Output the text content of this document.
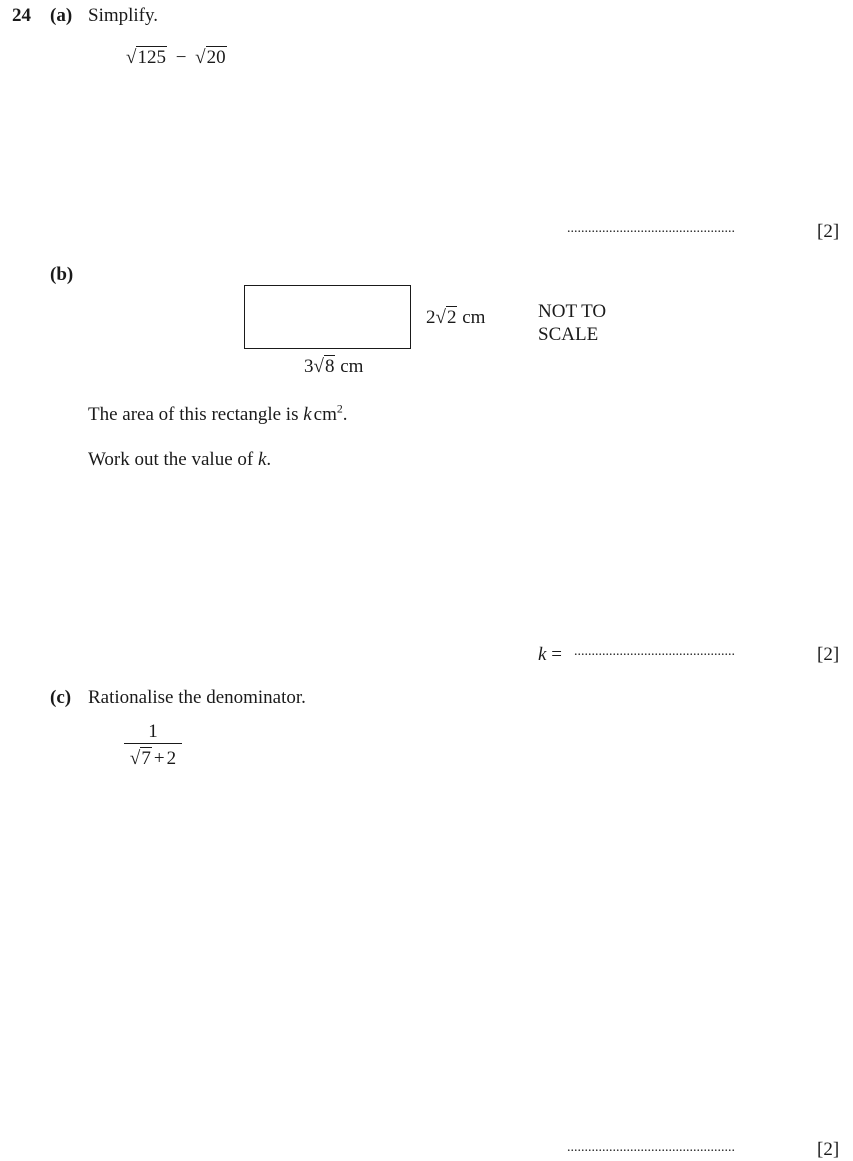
24 (a) Simplify.
√125 − √20
................................................	[2]
(b)
2√2 cm
3√8 cm
NOT TO
SCALE
The area of this rectangle is k $cm^2$.
Work out the value of k.
k = ..............................................	[2]
(c) Rationalise the denominator.
1
√7 + 2
................................................	[2]
